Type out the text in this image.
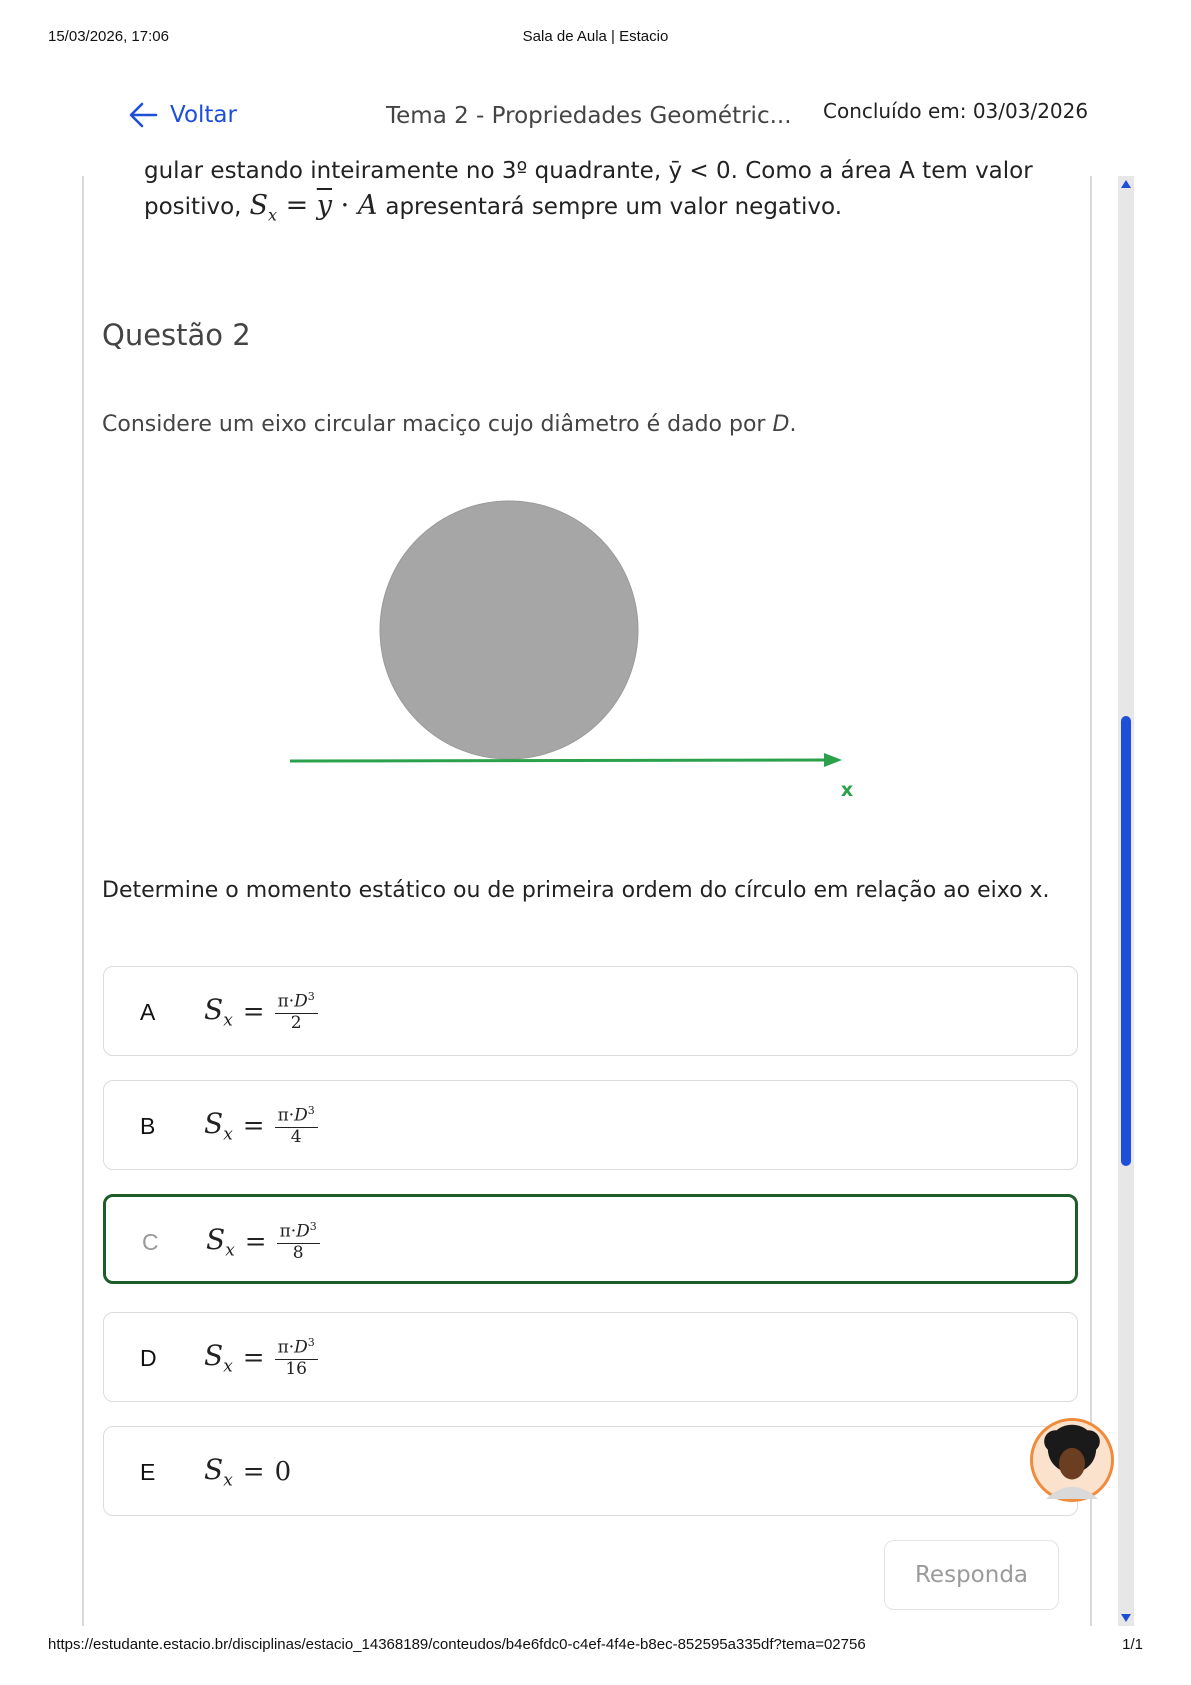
15/03/2026, 17:06	Sala de Aula | Estacio
Voltar	Tema 2 - Propriedades Geométric... Concluído em: 03/03/2026
gular estando inteiramente no 3º quadrante, ȳ < 0. Como a área A tem valor
positivo, $S_x = \overline{y} \cdot A$ apresentará sempre um valor negativo.
Questão 2
Considere um eixo circular maciço cujo diâmetro é dado por D.
x
Determine o momento estático ou de primeira ordem do círculo em relação ao eixo x.
A $S_x = \frac{\pi\cdot D^3}{2}$
B $S_x = \frac{\pi\cdot D^3}{4}$
C $S_x = \frac{\pi\cdot D^3}{8}$
D $S_x = \frac{\pi\cdot D^3}{16}$
E $S_x = 0$
Responda
https://estudante.estacio.br/disciplinas/estacio_14368189/conteudos/b4e6fdc0-c4ef-4f4e-b8ec-852595a335df?tema=02756	1/1
